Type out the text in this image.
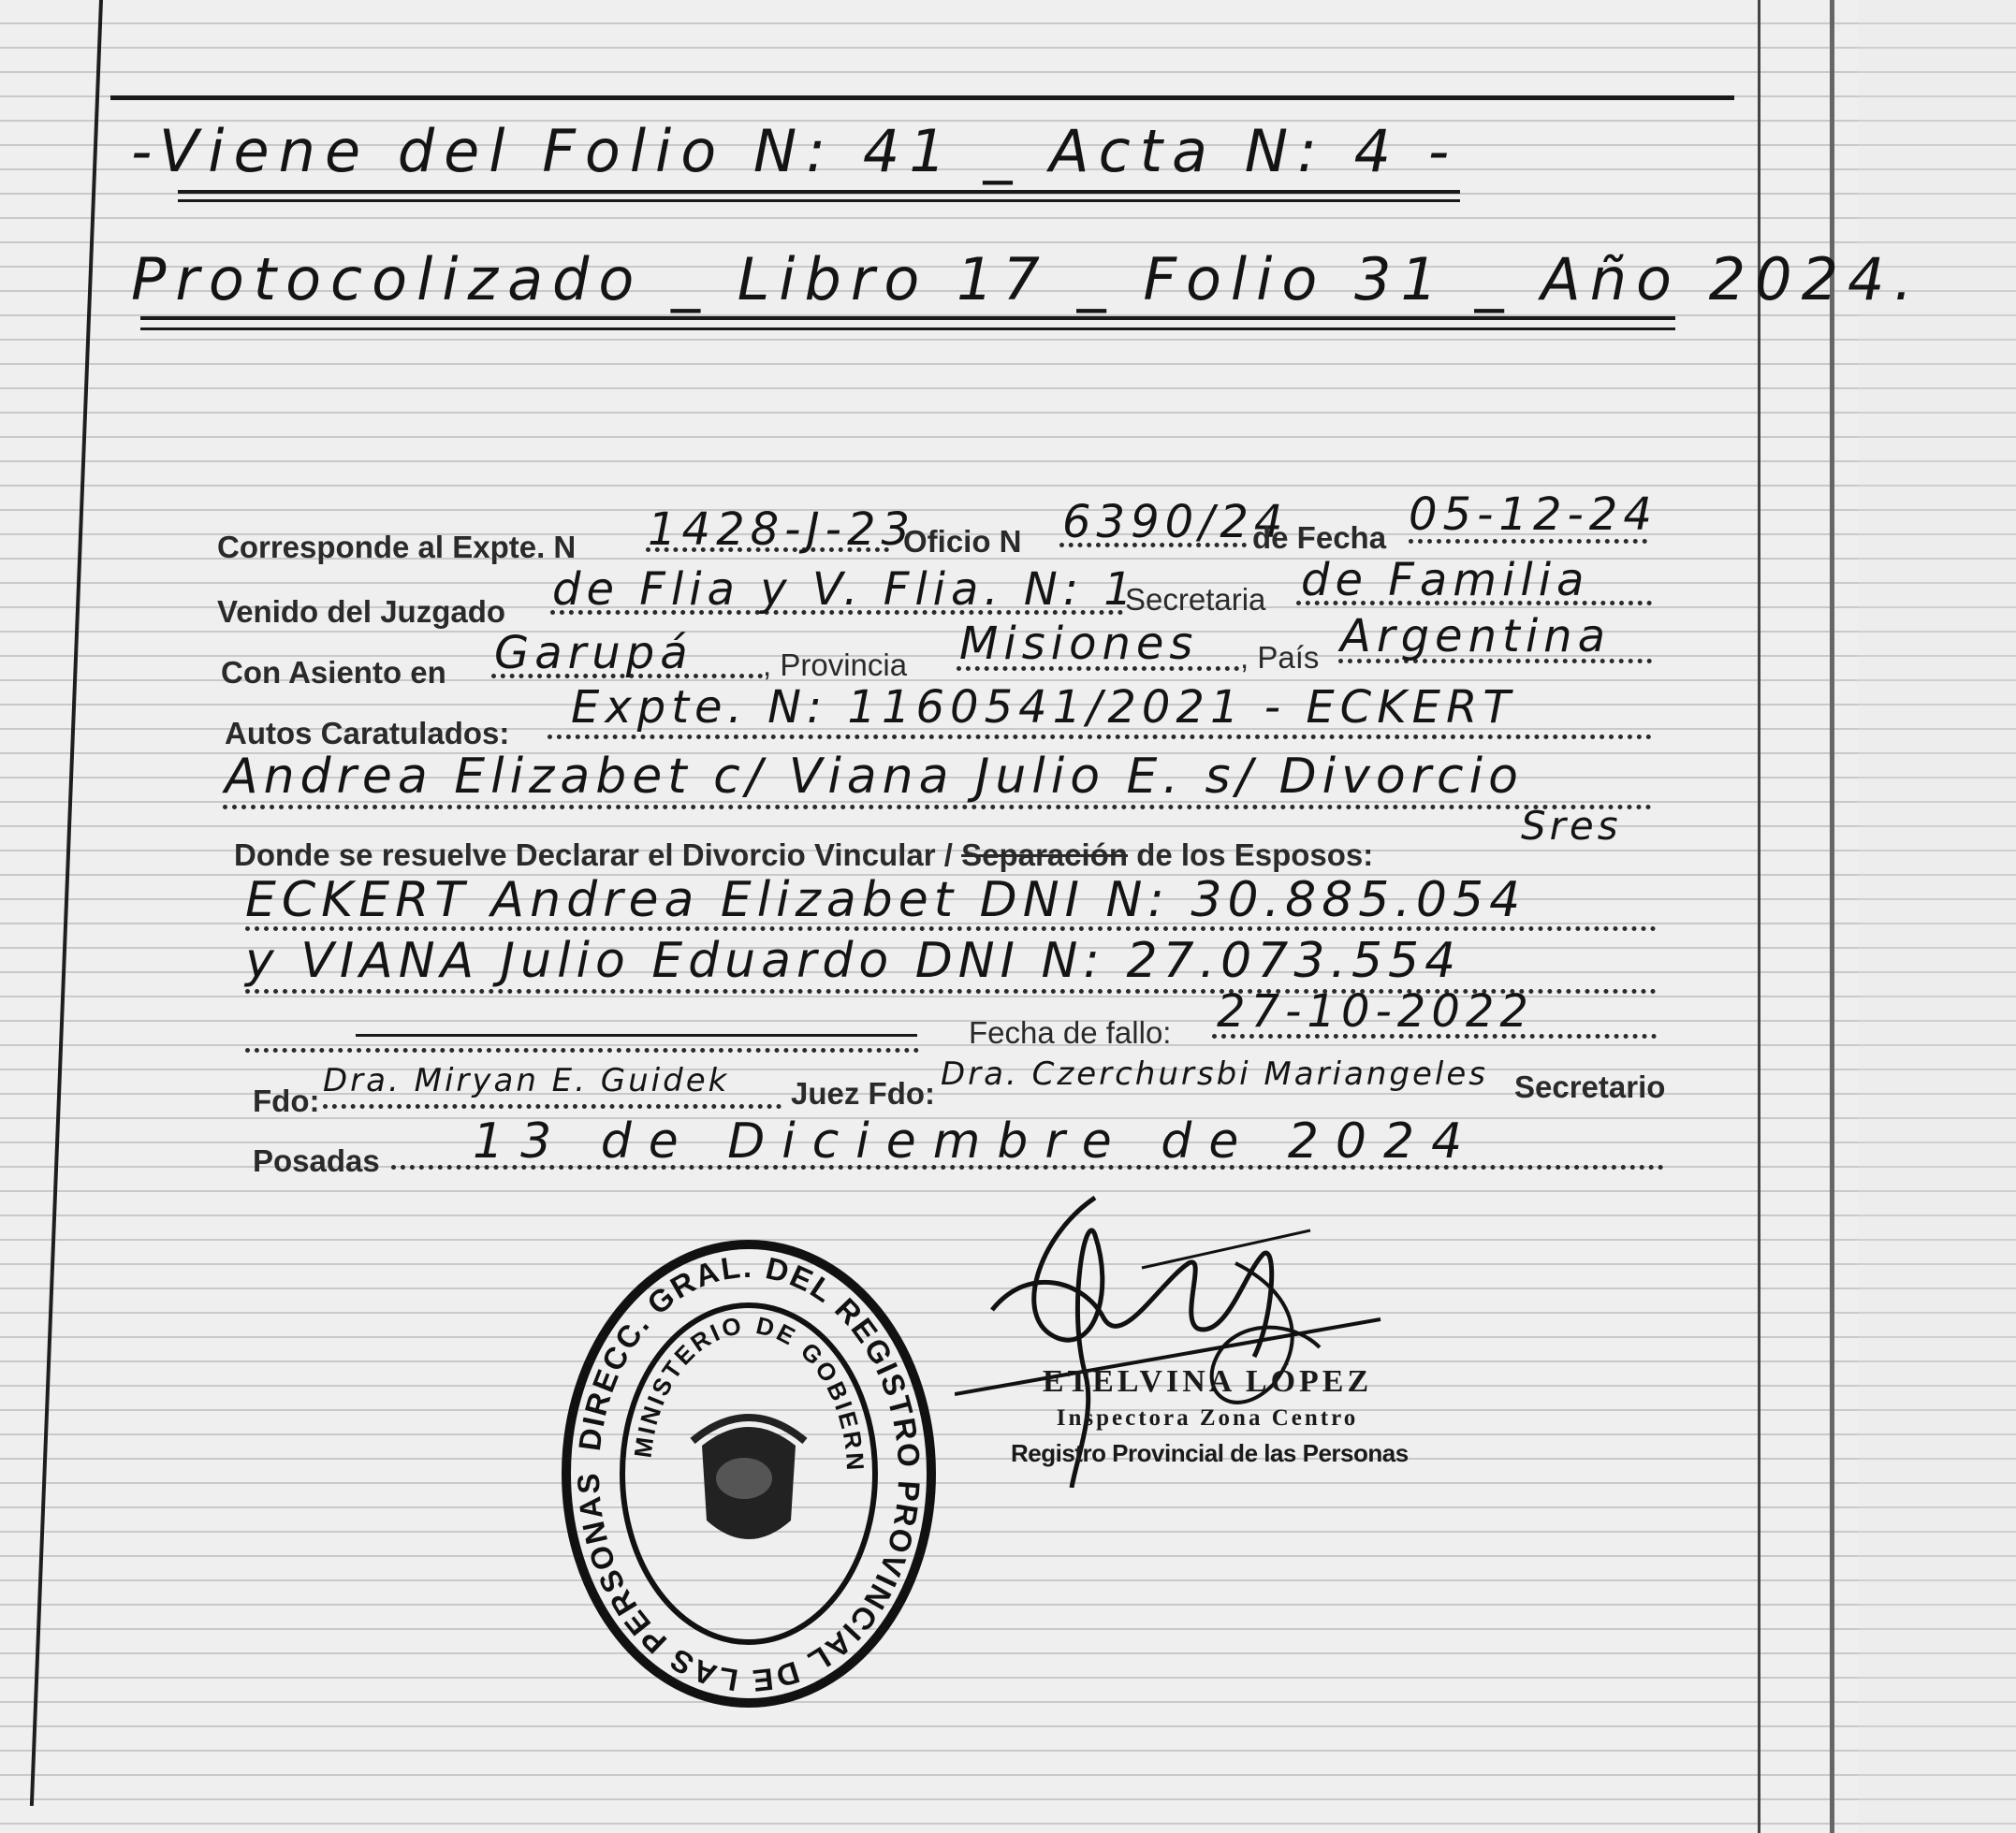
-Viene del Folio N: 41 _ Acta N: 4 -
Protocolizado _ Libro 17 _ Folio 31 _ Año 2024.
Corresponde al Expte. N 1428-J-23
Oficio N 6390/24
de Fecha 05-12-24
Venido del Juzgado de Flia y V. Flia. N: 1
Secretaria de Familia
Con Asiento en Garupá , Provincia Misiones , País Argentina
Autos Caratulados: Expte. N: 1160541/2021 - ECKERT
Andrea Elizabet c/ Viana Julio E. s/ Divorcio
Donde se resuelve Declarar el Divorcio Vincular / Separación de los Esposos:
Sres
ECKERT Andrea Elizabet DNI N: 30.885.054
y VIANA Julio Eduardo DNI N: 27.073.554
Fecha de fallo: 27-10-2022
Fdo:
Dra. Miryan E. Guidek Juez Fdo:
Dra. Czerchursbi Mariangeles Secretario
Posadas 13 de Diciembre de 2024
DIRECC. GRAL. DEL REGISTRO PROVINCIAL DE LAS PERSONAS
MINISTERIO DE GOBIERN
ETELVINA LÓPEZ
Inspectora Zona Centro
Registro Provincial de las Personas
